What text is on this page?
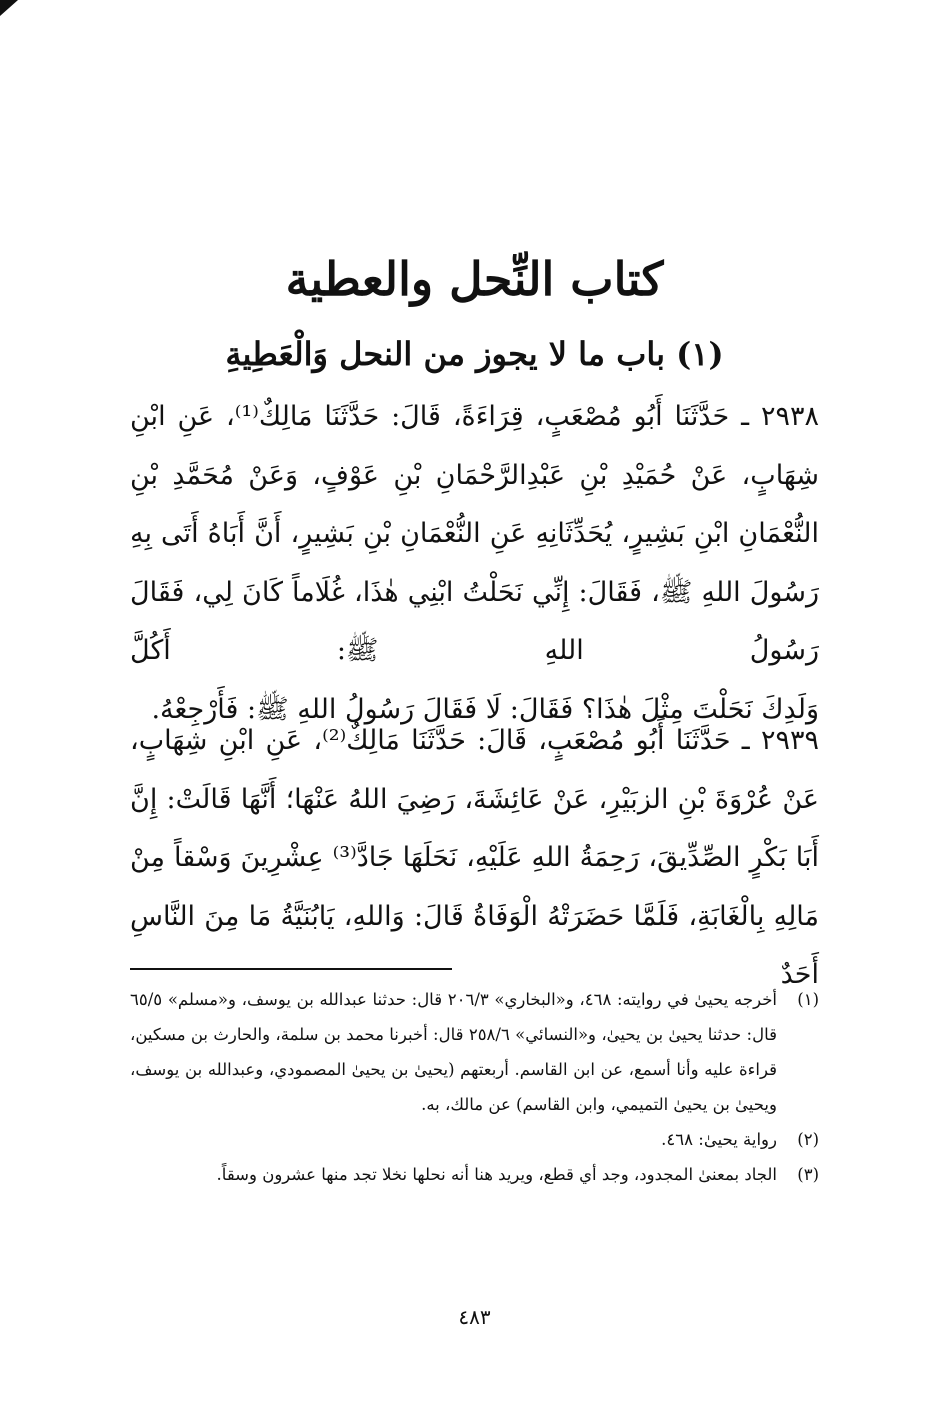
كتاب النِّحل والعطية
(١) باب ما لا يجوز من النحل وَالْعَطِيةِ
٢٩٣٨ ـ حَدَّثَنَا أَبُو مُصْعَبٍ، قِرَاءَةً، قَالَ: حَدَّثَنَا مَالِكٌ⁽¹⁾، عَنِ ابْنِ شِهَابٍ، عَنْ حُمَيْدِ بْنِ عَبْدِالرَّحْمَانِ بْنِ عَوْفٍ، وَعَنْ مُحَمَّدِ بْنِ النُّعْمَانِ ابْنِ بَشِيرٍ، يُحَدِّثَانِهِ عَنِ النُّعْمَانِ بْنِ بَشِيرٍ، أَنَّ أَبَاهُ أَتَى بِهِ رَسُولَ اللهِ ﷺ، فَقَالَ: إِنِّي نَحَلْتُ ابْنِي هٰذَا، غُلَاماً كَانَ لِي، فَقَالَ رَسُولُ اللهِ ﷺ: أَكُلَّ
وَلَدِكَ نَحَلْتَ مِثْلَ هٰذَا؟ فَقَالَ: لَا فَقَالَ رَسُولُ اللهِ ﷺ: فَأَرْجِعْهُ.
٢٩٣٩ ـ حَدَّثَنَا أَبُو مُصْعَبٍ، قَالَ: حَدَّثَنَا مَالِكٌ⁽²⁾، عَنِ ابْنِ شِهَابٍ، عَنْ عُرْوَةَ بْنِ الزبَيْرِ، عَنْ عَائِشَةَ، رَضِيَ اللهُ عَنْهَا؛ أَنَّهَا قَالَتْ: إِنَّ أَبَا بَكْرٍ الصِّدِّيقَ، رَحِمَةُ اللهِ عَلَيْهِ، نَحَلَهَا جَادَّ⁽³⁾ عِشْرِينَ وَسْقاً مِنْ مَالِهِ بِالْغَابَةِ، فَلَمَّا حَضَرَتْهُ الْوَفَاةُ قَالَ: وَاللهِ، يَابُنَيَّةُ مَا مِنَ النَّاسِ أَحَدٌ
(١)
أخرجه يحيىٰ في روايته: ٤٦٨، و«البخاري» ٢٠٦/٣ قال: حدثنا عبدالله بن يوسف، و«مسلم» ٦٥/٥ قال: حدثنا يحيىٰ بن يحيىٰ، و«النسائي» ٢٥٨/٦ قال: أخبرنا محمد بن سلمة، والحارث بن مسكين، قراءة عليه وأنا أسمع، عن ابن القاسم. أربعتهم (يحيىٰ بن يحيىٰ المصمودي، وعبدالله بن يوسف، ويحيىٰ بن يحيىٰ التميمي، وابن القاسم) عن مالك، به.
(٢)
رواية يحيىٰ: ٤٦٨.
(٣)
الجاد بمعنىٰ المجدود، وجد أي قطع، ويريد هنا أنه نحلها نخلا تجد منها عشرون وسقاً.
٤٨٣
